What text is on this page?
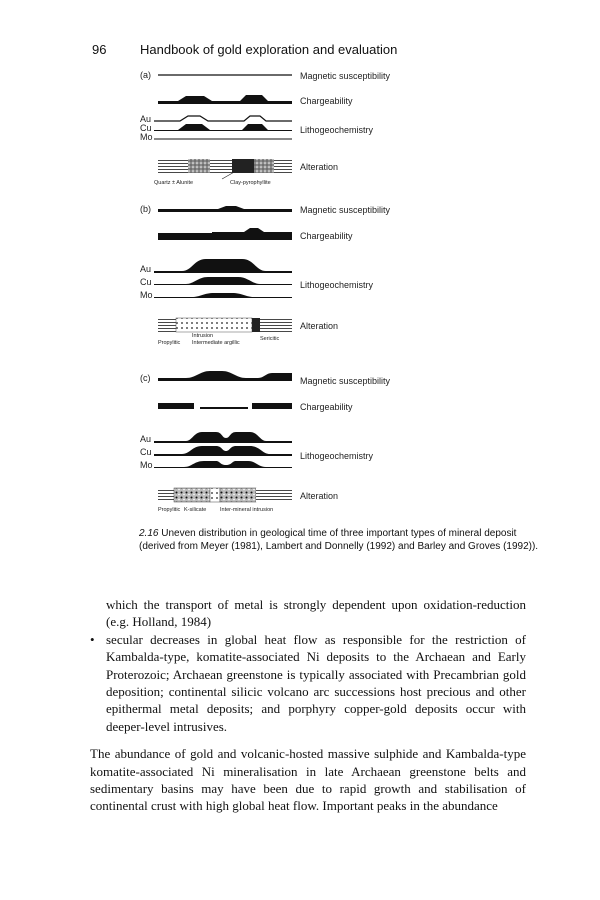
96	Handbook of gold exploration and evaluation
(a)	Magnetic susceptibility
Chargeability
Au
Cu
Mo
Lithogeochemistry
Alteration
Quartz ± Alunite	Clay-pyrophyllite
(b)	Magnetic susceptibility
Chargeability
Au
Cu
Mo
Lithogeochemistry
Alteration
Intrusion
Propylitic Intermediate argillic
Sericitic
(c)	Magnetic susceptibility
Chargeability
Au
Cu
Mo
Lithogeochemistry
Alteration
Propylitic K-silicate Inter-mineral intrusion
2.16 Uneven distribution in geological time of three important types of mineral deposit (derived from Meyer (1981), Lambert and Donnelly (1992) and Barley and Groves (1992)).

which the transport of metal is strongly dependent upon oxidation-reduction (e.g. Holland, 1984)

• secular decreases in global heat flow as responsible for the restriction of Kambalda-type, komatite-associated Ni deposits to the Archaean and Early Proterozoic; Archaean greenstone is typically associated with Precambrian gold deposition; continental silicic volcano arc successions host precious and other epithermal metal deposits; and porphyry copper-gold deposits occur with deeper-level intrusives.

The abundance of gold and volcanic-hosted massive sulphide and Kambalda-type komatite-associated Ni mineralisation in late Archaean greenstone belts and sedimentary basins may have been due to rapid growth and stabilisation of continental crust with high global heat flow. Important peaks in the abundance
